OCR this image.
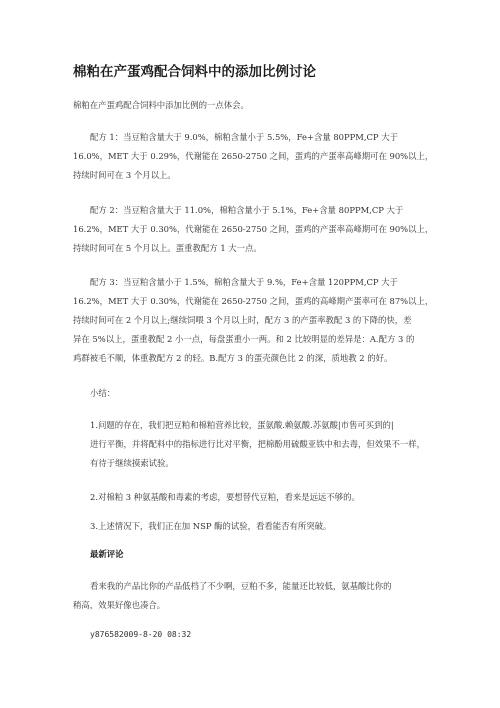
棉粕在产蛋鸡配合饲料中的添加比例讨论

棉粕在产蛋鸡配合饲料中添加比例的一点体会。

配方 1：当豆粕含量大于 9.0%，棉粕含量小于 5.5%，Fe+含量 80PPM,CP 大于
16.0%，MET 大于 0.29%，代谢能在 2650-2750 之间，蛋鸡的产蛋率高峰期可在 90%以上，
持续时间可在 3 个月以上。

配方 2：当豆粕含量大于 11.0%，棉粕含量小于 5.1%，Fe+含量 80PPM,CP 大于
16.2%，MET 大于 0.30%，代谢能在 2650-2750 之间，蛋鸡的产蛋率高峰期可在 90%以上，
持续时间可在 5 个月以上。蛋重教配方 1 大一点。

配方 3：当豆粕含量小于 1.5%，棉粕含量大于 9.%，Fe+含量 120PPM,CP 大于
16.2%，MET 大于 0.30%，代谢能在 2650-2750 之间，蛋鸡的高峰期产蛋率可在 87%以上，
持续时间可在 2 个月以上;继续饲喂 3 个月以上时，配方 3 的产蛋率教配 3 的下降的快，差
异在 5%以上，蛋重教配 2 小一点，每盘蛋重小一两。和 2 比较明显的差异是：A.配方 3 的
鸡群被毛不顺，体重教配方 2 的轻。B.配方 3 的蛋壳颜色比 2 的深，质地教 2 的好。

小结：

1.问题的存在，我们把豆粕和棉粕营养比较，蛋氨酸.赖氨酸.苏氨酸|市售可买到的|
进行平衡，并将配料中的指标进行比对平衡，把棉酚用硫酸亚铁中和去毒，但效果不一样，
有待于继续摸索试验。

2.对棉粕 3 种氨基酸和毒素的考虑，要想替代豆粕，看来是远远不够的。

3.上述情况下，我们正在加 NSP 酶的试验，看看能否有所突破。

最新评论

看来我的产品比你的产品低档了不少啊，豆粕不多，能量还比较低，氨基酸比你的
稍高，效果好像也凑合。

y876582009-8-20 08:32
